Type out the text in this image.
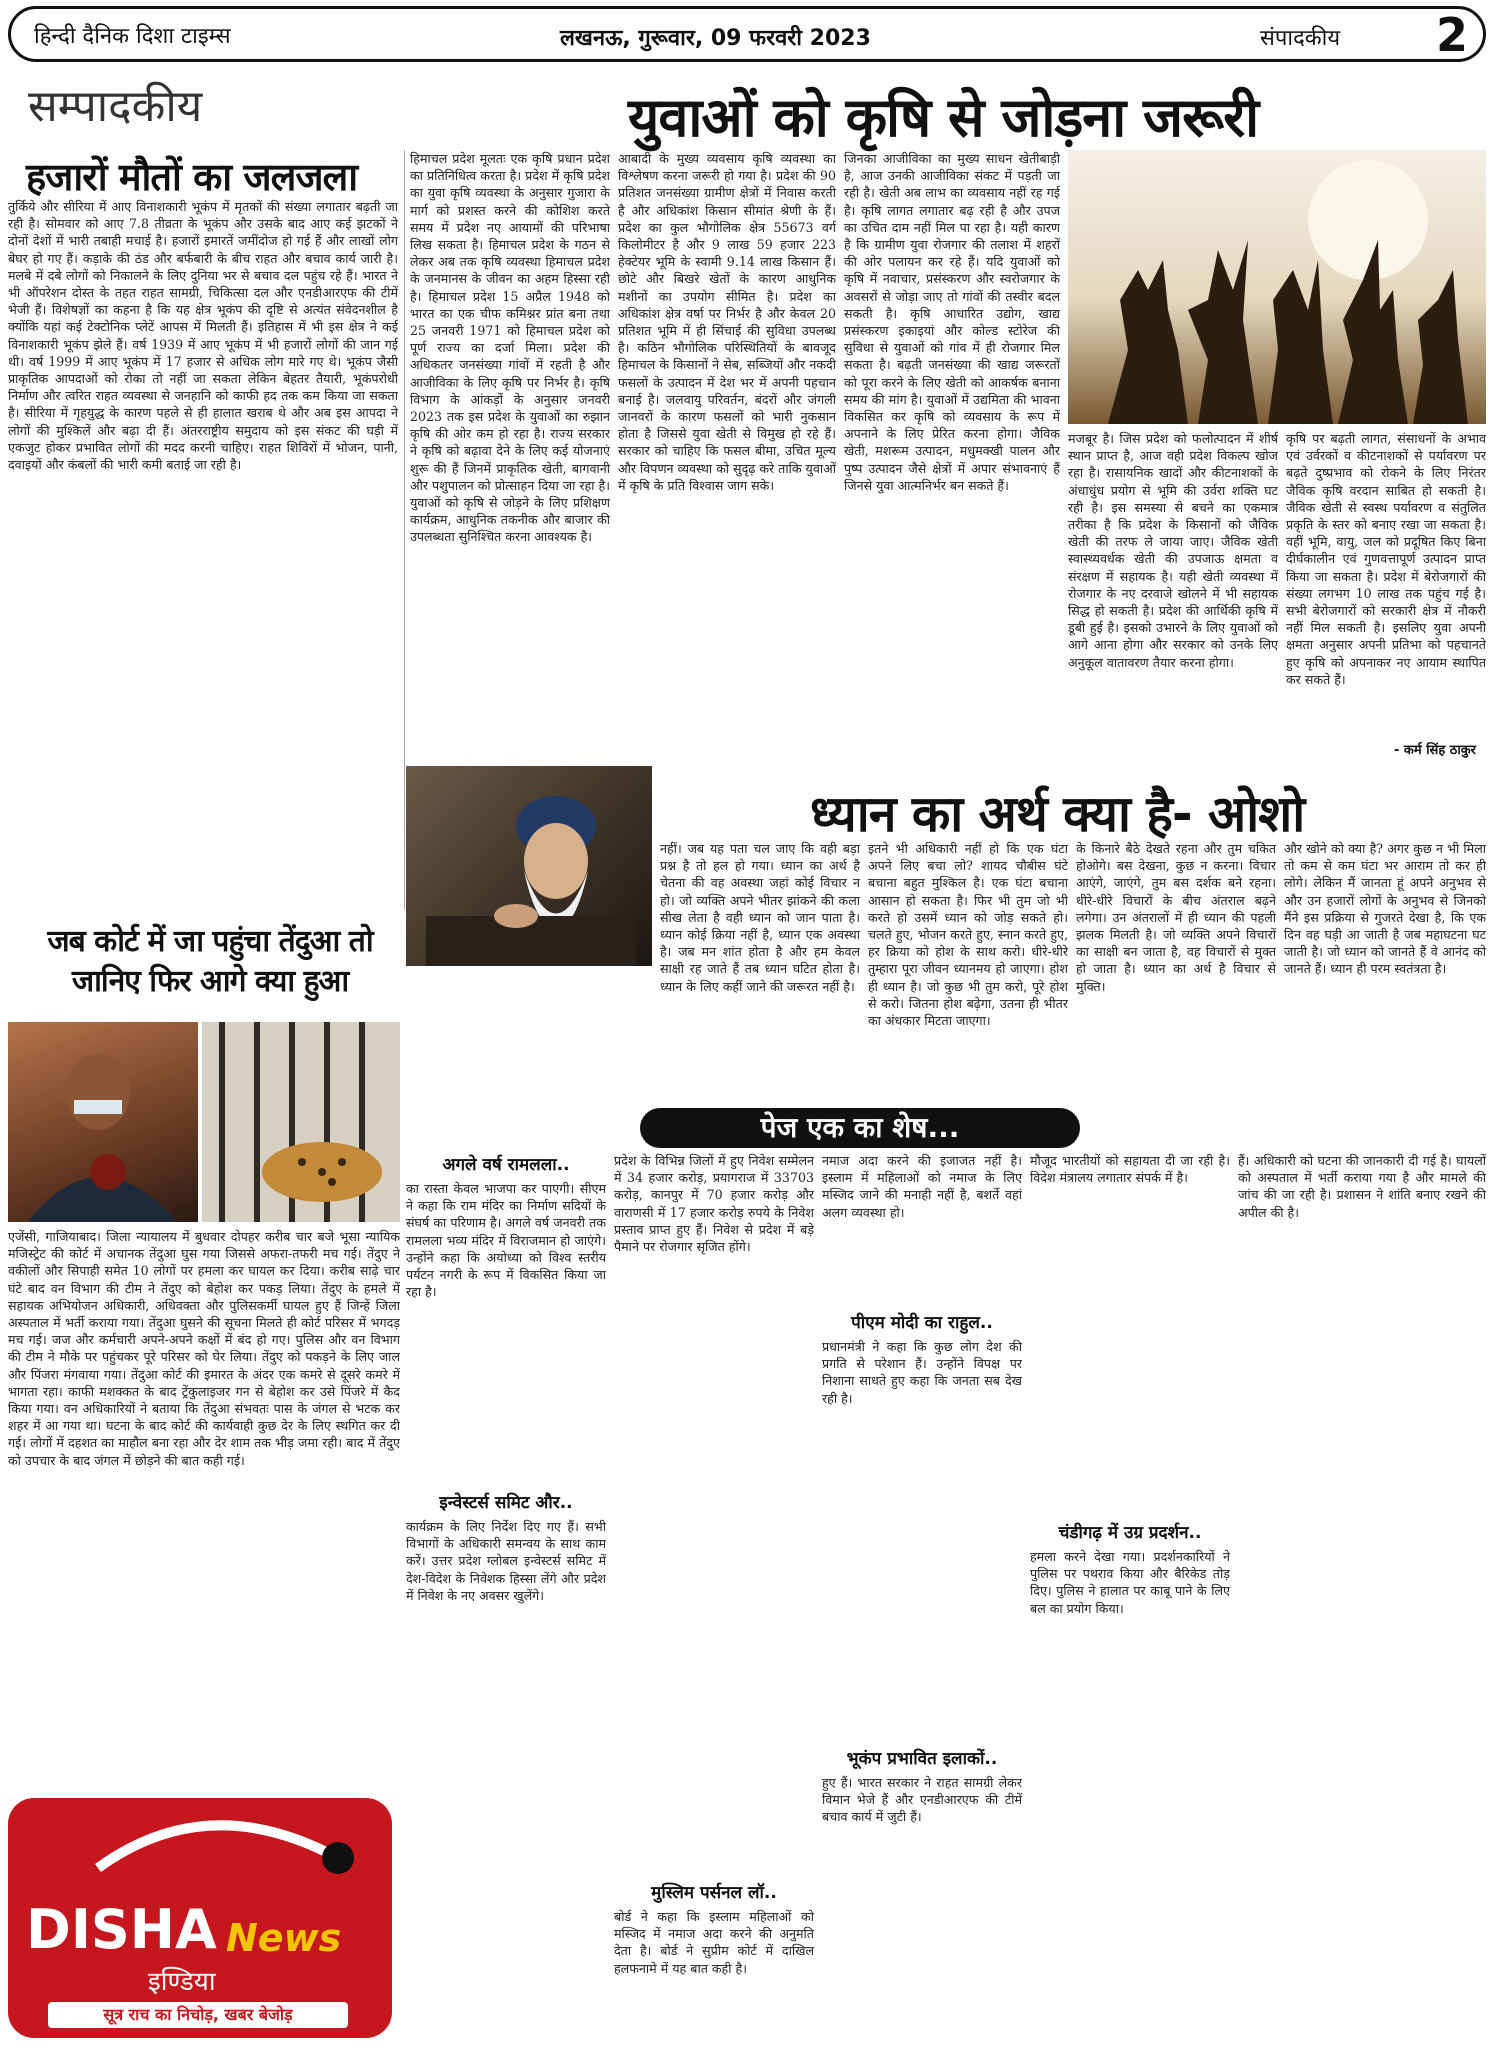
हिन्दी दैनिक दिशा टाइम्स	लखनऊ, गुरूवार, 09 फरवरी 2023	संपादकीय 2
सम्पादकीय	युवाओं को कृषि से जोड़ना जरूरी
हजारों मौतों का जलजला

तुर्किये और सीरिया में आए विनाशकारी भूकंप में मृतकों की संख्या लगातार बढ़ती जा रही है। सोमवार को आए 7.8 तीव्रता के भूकंप और उसके बाद आए कई झटकों ने दोनों देशों में भारी तबाही मचाई है। हजारों इमारतें जमींदोज हो गई हैं और लाखों लोग बेघर हो गए हैं। कड़ाके की ठंड और बर्फबारी के बीच राहत और बचाव कार्य जारी है। मलबे में दबे लोगों को निकालने के लिए दुनिया भर से बचाव दल पहुंच रहे हैं। भारत ने भी ऑपरेशन दोस्त के तहत राहत सामग्री, चिकित्सा दल और एनडीआरएफ की टीमें भेजी हैं। विशेषज्ञों का कहना है कि यह क्षेत्र भूकंप की दृष्टि से अत्यंत संवेदनशील है क्योंकि यहां कई टेक्टोनिक प्लेटें आपस में मिलती हैं। इतिहास में भी इस क्षेत्र ने कई विनाशकारी भूकंप झेले हैं। वर्ष 1939 में आए भूकंप में भी हजारों लोगों की जान गई थी। वर्ष 1999 में आए भूकंप में 17 हजार से अधिक लोग मारे गए थे। भूकंप जैसी प्राकृतिक आपदाओं को रोका तो नहीं जा सकता लेकिन बेहतर तैयारी, भूकंपरोधी निर्माण और त्वरित राहत व्यवस्था से जनहानि को काफी हद तक कम किया जा सकता है। सीरिया में गृहयुद्ध के कारण पहले से ही हालात खराब थे और अब इस आपदा ने लोगों की मुश्किलें और बढ़ा दी हैं। अंतरराष्ट्रीय समुदाय को इस संकट की घड़ी में एकजुट होकर प्रभावित लोगों की मदद करनी चाहिए। राहत शिविरों में भोजन, पानी, दवाइयों और कंबलों की भारी कमी बताई जा रही है।

हिमाचल प्रदेश मूलतः एक कृषि प्रधान प्रदेश का प्रतिनिधित्व करता है। प्रदेश में कृषि प्रदेश का युवा कृषि व्यवस्था के अनुसार गुजारा के मार्ग को प्रशस्त करने की कोशिश करते समय में प्रदेश नए आयामों की परिभाषा लिख सकता है। हिमाचल प्रदेश के गठन से लेकर अब तक कृषि व्यवस्था हिमाचल प्रदेश के जनमानस के जीवन का अहम हिस्सा रही है। हिमाचल प्रदेश 15 अप्रैल 1948 को भारत का एक चीफ कमिश्नर प्रांत बना तथा 25 जनवरी 1971 को हिमाचल प्रदेश को पूर्ण राज्य का दर्जा मिला। प्रदेश की अधिकतर जनसंख्या गांवों में रहती है और आजीविका के लिए कृषि पर निर्भर है। कृषि विभाग के आंकड़ों के अनुसार जनवरी 2023 तक इस प्रदेश के युवाओं का रुझान कृषि की ओर कम हो रहा है। राज्य सरकार ने कृषि को बढ़ावा देने के लिए कई योजनाएं शुरू की हैं जिनमें प्राकृतिक खेती, बागवानी और पशुपालन को प्रोत्साहन दिया जा रहा है। युवाओं को कृषि से जोड़ने के लिए प्रशिक्षण कार्यक्रम, आधुनिक तकनीक और बाजार की उपलब्धता सुनिश्चित करना आवश्यक है।

आबादी के मुख्य व्यवसाय कृषि व्यवस्था का विश्लेषण करना जरूरी हो गया है। प्रदेश की 90 प्रतिशत जनसंख्या ग्रामीण क्षेत्रों में निवास करती है और अधिकांश किसान सीमांत श्रेणी के हैं। प्रदेश का कुल भौगोलिक क्षेत्र 55673 वर्ग किलोमीटर है और 9 लाख 59 हजार 223 हेक्टेयर भूमि के स्वामी 9.14 लाख किसान हैं। छोटे और बिखरे खेतों के कारण आधुनिक मशीनों का उपयोग सीमित है। प्रदेश का अधिकांश क्षेत्र वर्षा पर निर्भर है और केवल 20 प्रतिशत भूमि में ही सिंचाई की सुविधा उपलब्ध है। कठिन भौगोलिक परिस्थितियों के बावजूद हिमाचल के किसानों ने सेब, सब्जियों और नकदी फसलों के उत्पादन में देश भर में अपनी पहचान बनाई है। जलवायु परिवर्तन, बंदरों और जंगली जानवरों के कारण फसलों को भारी नुकसान होता है जिससे युवा खेती से विमुख हो रहे हैं। सरकार को चाहिए कि फसल बीमा, उचित मूल्य और विपणन व्यवस्था को सुदृढ़ करे ताकि युवाओं में कृषि के प्रति विश्वास जाग सके।

जिनका आजीविका का मुख्य साधन खेतीबाड़ी है, आज उनकी आजीविका संकट में पड़ती जा रही है। खेती अब लाभ का व्यवसाय नहीं रह गई है। कृषि लागत लगातार बढ़ रही है और उपज का उचित दाम नहीं मिल पा रहा है। यही कारण है कि ग्रामीण युवा रोजगार की तलाश में शहरों की ओर पलायन कर रहे हैं। यदि युवाओं को कृषि में नवाचार, प्रसंस्करण और स्वरोजगार के अवसरों से जोड़ा जाए तो गांवों की तस्वीर बदल सकती है। कृषि आधारित उद्योग, खाद्य प्रसंस्करण इकाइयां और कोल्ड स्टोरेज की सुविधा से युवाओं को गांव में ही रोजगार मिल सकता है। बढ़ती जनसंख्या की खाद्य जरूरतों को पूरा करने के लिए खेती को आकर्षक बनाना समय की मांग है। युवाओं में उद्यमिता की भावना विकसित कर कृषि को व्यवसाय के रूप में अपनाने के लिए प्रेरित करना होगा। जैविक खेती, मशरूम उत्पादन, मधुमक्खी पालन और पुष्प उत्पादन जैसे क्षेत्रों में अपार संभावनाएं हैं जिनसे युवा आत्मनिर्भर बन सकते हैं।

मजबूर है। जिस प्रदेश को फलोत्पादन में शीर्ष स्थान प्राप्त है, आज वही प्रदेश विकल्प खोज रहा है। रासायनिक खादों और कीटनाशकों के अंधाधुंध प्रयोग से भूमि की उर्वरा शक्ति घट रही है। इस समस्या से बचने का एकमात्र तरीका है कि प्रदेश के किसानों को जैविक खेती की तरफ ले जाया जाए। जैविक खेती स्वास्थ्यवर्धक खेती की उपजाऊ क्षमता व संरक्षण में सहायक है। यही खेती व्यवस्था में रोजगार के नए दरवाजे खोलने में भी सहायक सिद्ध हो सकती है। प्रदेश की आर्थिकी कृषि में डूबी हुई है। इसको उभारने के लिए युवाओं को आगे आना होगा और सरकार को उनके लिए अनुकूल वातावरण तैयार करना होगा।

कृषि पर बढ़ती लागत, संसाधनों के अभाव एवं उर्वरकों व कीटनाशकों से पर्यावरण पर बढ़ते दुष्प्रभाव को रोकने के लिए निरंतर जैविक कृषि वरदान साबित हो सकती है। जैविक खेती से स्वस्थ पर्यावरण व संतुलित प्रकृति के स्तर को बनाए रखा जा सकता है। वहीं भूमि, वायु, जल को प्रदूषित किए बिना दीर्घकालीन एवं गुणवत्तापूर्ण उत्पादन प्राप्त किया जा सकता है। प्रदेश में बेरोजगारों की संख्या लगभग 10 लाख तक पहुंच गई है। सभी बेरोजगारों को सरकारी क्षेत्र में नौकरी नहीं मिल सकती है। इसलिए युवा अपनी क्षमता अनुसार अपनी प्रतिभा को पहचानते हुए कृषि को अपनाकर नए आयाम स्थापित कर सकते हैं।

- कर्म सिंह ठाकुर
ध्यान का अर्थ क्या है- ओशो

नहीं। जब यह पता चल जाए कि वही बड़ा प्रश्न है तो हल हो गया। ध्यान का अर्थ है चेतना की वह अवस्था जहां कोई विचार न हो। जो व्यक्ति अपने भीतर झांकने की कला सीख लेता है वही ध्यान को जान पाता है। ध्यान कोई क्रिया नहीं है, ध्यान एक अवस्था है। जब मन शांत होता है और हम केवल साक्षी रह जाते हैं तब ध्यान घटित होता है। ध्यान के लिए कहीं जाने की जरूरत नहीं है।

इतने भी अधिकारी नहीं हो कि एक घंटा अपने लिए बचा लो? शायद चौबीस घंटे बचाना बहुत मुश्किल है। एक घंटा बचाना आसान हो सकता है। फिर भी तुम जो भी करते हो उसमें ध्यान को जोड़ सकते हो। चलते हुए, भोजन करते हुए, स्नान करते हुए, हर क्रिया को होश के साथ करो। धीरे-धीरे तुम्हारा पूरा जीवन ध्यानमय हो जाएगा। होश ही ध्यान है। जो कुछ भी तुम करो, पूरे होश से करो। जितना होश बढ़ेगा, उतना ही भीतर का अंधकार मिटता जाएगा।

के किनारे बैठे देखते रहना और तुम चकित होओगे। बस देखना, कुछ न करना। विचार आएंगे, जाएंगे, तुम बस दर्शक बने रहना। धीरे-धीरे विचारों के बीच अंतराल बढ़ने लगेगा। उन अंतरालों में ही ध्यान की पहली झलक मिलती है। जो व्यक्ति अपने विचारों का साक्षी बन जाता है, वह विचारों से मुक्त हो जाता है। ध्यान का अर्थ है विचार से मुक्ति।

और खोने को क्या है? अगर कुछ न भी मिला तो कम से कम घंटा भर आराम तो कर ही लोगे। लेकिन मैं जानता हूं अपने अनुभव से और उन हजारों लोगों के अनुभव से जिनको मैंने इस प्रक्रिया से गुजरते देखा है, कि एक दिन वह घड़ी आ जाती है जब महाघटना घट जाती है। जो ध्यान को जानते हैं वे आनंद को जानते हैं। ध्यान ही परम स्वतंत्रता है।

जब कोर्ट में जा पहुंचा तेंदुआ तो जानिए फिर आगे क्या हुआ

एजेंसी, गाजियाबाद। जिला न्यायालय में बुधवार दोपहर करीब चार बजे भूसा न्यायिक मजिस्ट्रेट की कोर्ट में अचानक तेंदुआ घुस गया जिससे अफरा-तफरी मच गई। तेंदुए ने वकीलों और सिपाही समेत 10 लोगों पर हमला कर घायल कर दिया। करीब साढ़े चार घंटे बाद वन विभाग की टीम ने तेंदुए को बेहोश कर पकड़ लिया। तेंदुए के हमले में सहायक अभियोजन अधिकारी, अधिवक्ता और पुलिसकर्मी घायल हुए हैं जिन्हें जिला अस्पताल में भर्ती कराया गया। तेंदुआ घुसने की सूचना मिलते ही कोर्ट परिसर में भगदड़ मच गई। जज और कर्मचारी अपने-अपने कक्षों में बंद हो गए। पुलिस और वन विभाग की टीम ने मौके पर पहुंचकर पूरे परिसर को घेर लिया। तेंदुए को पकड़ने के लिए जाल और पिंजरा मंगवाया गया। तेंदुआ कोर्ट की इमारत के अंदर एक कमरे से दूसरे कमरे में भागता रहा। काफी मशक्कत के बाद ट्रेंकुलाइजर गन से बेहोश कर उसे पिंजरे में कैद किया गया। वन अधिकारियों ने बताया कि तेंदुआ संभवतः पास के जंगल से भटक कर शहर में आ गया था। घटना के बाद कोर्ट की कार्यवाही कुछ देर के लिए स्थगित कर दी गई। लोगों में दहशत का माहौल बना रहा और देर शाम तक भीड़ जमा रही। बाद में तेंदुए को उपचार के बाद जंगल में छोड़ने की बात कही गई।

DISHA News
इण्डिया
सूत्र राच का निचोड़, खबर बेजोड़
पेज एक का शेष...
अगले वर्ष रामलला..

का रास्ता केवल भाजपा कर पाएगी। सीएम ने कहा कि राम मंदिर का निर्माण सदियों के संघर्ष का परिणाम है। अगले वर्ष जनवरी तक रामलला भव्य मंदिर में विराजमान हो जाएंगे। उन्होंने कहा कि अयोध्या को विश्व स्तरीय पर्यटन नगरी के रूप में विकसित किया जा रहा है।

इन्वेस्टर्स समिट और..

कार्यक्रम के लिए निर्देश दिए गए हैं। सभी विभागों के अधिकारी समन्वय के साथ काम करें। उत्तर प्रदेश ग्लोबल इन्वेस्टर्स समिट में देश-विदेश के निवेशक हिस्सा लेंगे और प्रदेश में निवेश के नए अवसर खुलेंगे।

प्रदेश के विभिन्न जिलों में हुए निवेश सम्मेलन में 34 हजार करोड़, प्रयागराज में 33703 करोड़, कानपुर में 70 हजार करोड़ और वाराणसी में 17 हजार करोड़ रुपये के निवेश प्रस्ताव प्राप्त हुए हैं। निवेश से प्रदेश में बड़े पैमाने पर रोजगार सृजित होंगे।

मुस्लिम पर्सनल लॉ..

बोर्ड ने कहा कि इस्लाम महिलाओं को मस्जिद में नमाज अदा करने की अनुमति देता है। बोर्ड ने सुप्रीम कोर्ट में दाखिल हलफनामे में यह बात कही है।

नमाज अदा करने की इजाजत नहीं है। इस्लाम में महिलाओं को नमाज के लिए मस्जिद जाने की मनाही नहीं है, बशर्ते वहां अलग व्यवस्था हो।

पीएम मोदी का राहुल..

प्रधानमंत्री ने कहा कि कुछ लोग देश की प्रगति से परेशान हैं। उन्होंने विपक्ष पर निशाना साधते हुए कहा कि जनता सब देख रही है।

भूकंप प्रभावित इलाकों..

हुए हैं। भारत सरकार ने राहत सामग्री लेकर विमान भेजे हैं और एनडीआरएफ की टीमें बचाव कार्य में जुटी हैं।

मौजूद भारतीयों को सहायता दी जा रही है। विदेश मंत्रालय लगातार संपर्क में है।

चंडीगढ़ में उग्र प्रदर्शन..

हमला करने देखा गया। प्रदर्शनकारियों ने पुलिस पर पथराव किया और बैरिकेड तोड़ दिए। पुलिस ने हालात पर काबू पाने के लिए बल का प्रयोग किया।

हैं। अधिकारी को घटना की जानकारी दी गई है। घायलों को अस्पताल में भर्ती कराया गया है और मामले की जांच की जा रही है। प्रशासन ने शांति बनाए रखने की अपील की है।
